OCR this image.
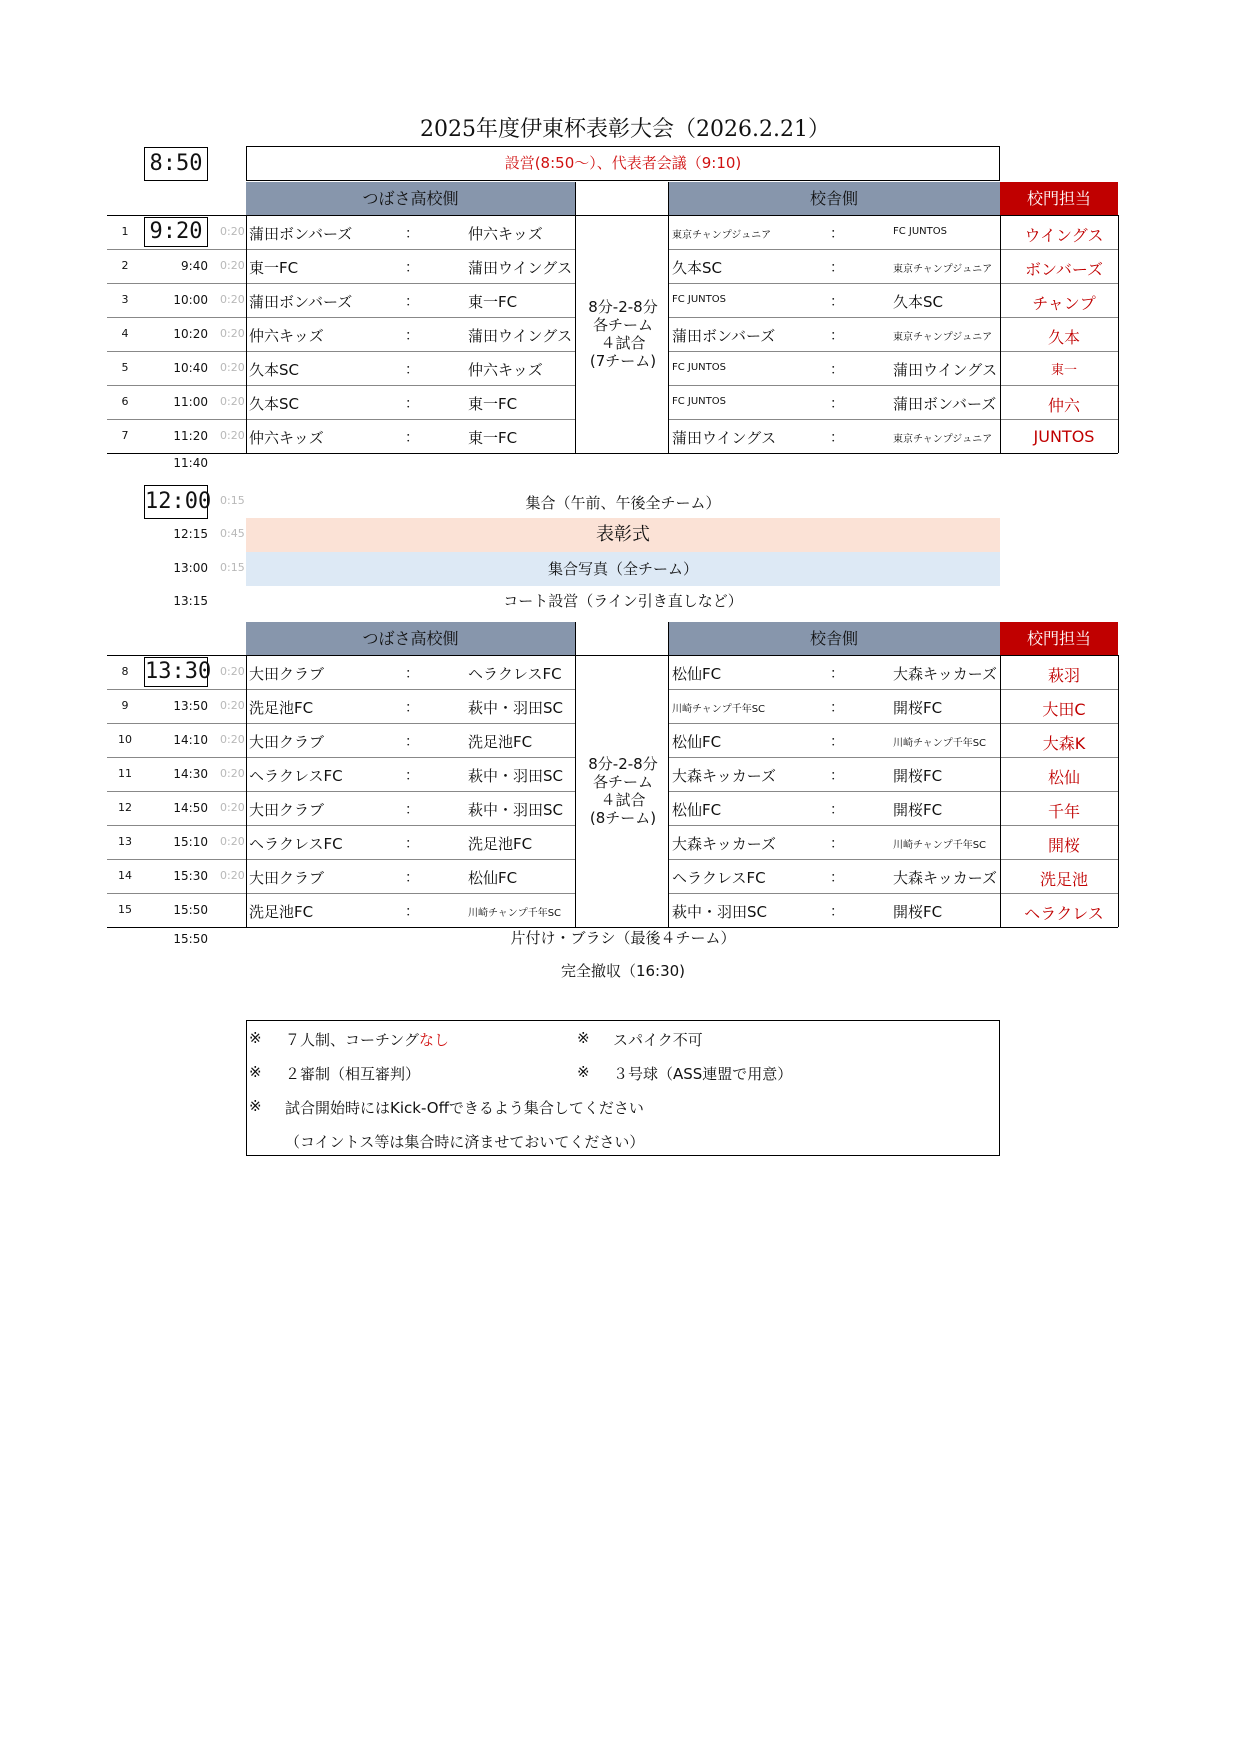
2025年度伊東杯表彰大会（2026.2.21）
8:50	設営(8:50～）、代表者会議（9:10)
つばさ高校側	校舎側	校門担当
8分-2-8分
各チーム
４試合
(7チーム)
1 9:20	0:20 蒲田ボンバーズ	：	仲六キッズ	東京チャンプジュニア	：	FC JUNTOS	ウイングス
2	9:40 0:20 東一FC	：	蒲田ウイングス	久本SC	：	東京チャンプジュニア	ボンバーズ
3	10:00 0:20 蒲田ボンバーズ	：	東一FC	FC JUNTOS	：	久本SC	チャンプ
4	10:20 0:20 仲六キッズ	：	蒲田ウイングス	蒲田ボンバーズ	：	東京チャンプジュニア	久本
5	10:40 0:20 久本SC	：	仲六キッズ	FC JUNTOS	：	蒲田ウイングス	東一
6	11:00 0:20 久本SC	：	東一FC	FC JUNTOS	：	蒲田ボンバーズ	仲六
7	11:20 0:20 仲六キッズ	：	東一FC	蒲田ウイングス	：	東京チャンプジュニア	JUNTOS
11:40
12:00 0:15	集合（午前、午後全チーム）
12:15 0:45	表彰式
13:00 0:15	集合写真（全チーム）
13:15	コート設営（ライン引き直しなど）
つばさ高校側	校舎側	校門担当
8分-2-8分
各チーム
４試合
(8チーム)
8 13:30 0:20 大田クラブ	：	ヘラクレスFC	松仙FC	：	大森キッカーズ	萩羽
9	13:50 0:20 洗足池FC	：	萩中・羽田SC	川崎チャンプ千年SC	：	開桜FC	大田C
10	14:10 0:20 大田クラブ	：	洗足池FC	松仙FC	：	川崎チャンプ千年SC	大森K
11	14:30 0:20 ヘラクレスFC	：	萩中・羽田SC	大森キッカーズ	：	開桜FC	松仙
12	14:50 0:20 大田クラブ	：	萩中・羽田SC	松仙FC	：	開桜FC	千年
13	15:10 0:20 ヘラクレスFC	：	洗足池FC	大森キッカーズ	：	川崎チャンプ千年SC	開桜
14	15:30 0:20 大田クラブ	：	松仙FC	ヘラクレスFC	：	大森キッカーズ	洗足池
15	15:50	洗足池FC	：	川崎チャンプ千年SC	萩中・羽田SC	：	開桜FC	ヘラクレス
15:50	片付け・ブラシ（最後４チーム）
完全撤収（16:30)
※ ７人制、コーチングなし	※ スパイク不可
※ ２審制（相互審判）	※ ３号球（ASS連盟で用意）
※ 試合開始時にはKick-Offできるよう集合してください
（コイントス等は集合時に済ませておいてください）
